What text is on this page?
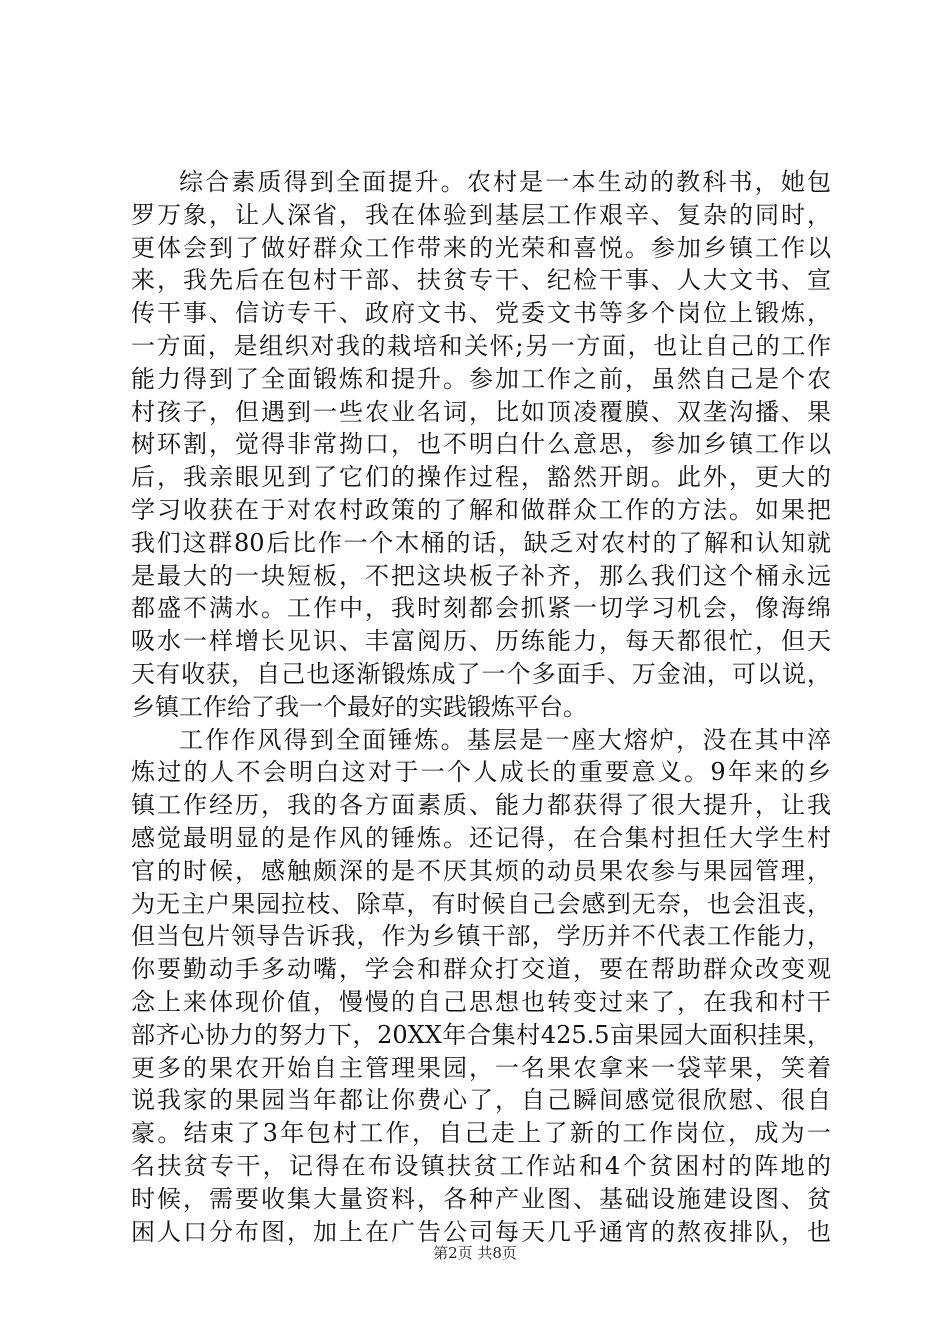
综合素质得到全面提升。农村是一本生动的教科书，她包
罗万象，让人深省，我在体验到基层工作艰辛、复杂的同时，
更体会到了做好群众工作带来的光荣和喜悦。参加乡镇工作以
来，我先后在包村干部、扶贫专干、纪检干事、人大文书、宣
传干事、信访专干、政府文书、党委文书等多个岗位上锻炼，
一方面，是组织对我的栽培和关怀;另一方面，也让自己的工作
能力得到了全面锻炼和提升。参加工作之前，虽然自己是个农
村孩子，但遇到一些农业名词，比如顶凌覆膜、双垄沟播、果
树环割，觉得非常拗口，也不明白什么意思，参加乡镇工作以
后，我亲眼见到了它们的操作过程，豁然开朗。此外，更大的
学习收获在于对农村政策的了解和做群众工作的方法。如果把
我们这群80后比作一个木桶的话，缺乏对农村的了解和认知就
是最大的一块短板，不把这块板子补齐，那么我们这个桶永远
都盛不满水。工作中，我时刻都会抓紧一切学习机会，像海绵
吸水一样增长见识、丰富阅历、历练能力，每天都很忙，但天
天有收获，自己也逐渐锻炼成了一个多面手、万金油，可以说，
乡镇工作给了我一个最好的实践锻炼平台。
工作作风得到全面锤炼。基层是一座大熔炉，没在其中淬
炼过的人不会明白这对于一个人成长的重要意义。9年来的乡
镇工作经历，我的各方面素质、能力都获得了很大提升，让我
感觉最明显的是作风的锤炼。还记得，在合集村担任大学生村
官的时候，感触颇深的是不厌其烦的动员果农参与果园管理，
为无主户果园拉枝、除草，有时候自己会感到无奈，也会沮丧，
但当包片领导告诉我，作为乡镇干部，学历并不代表工作能力，
你要勤动手多动嘴，学会和群众打交道，要在帮助群众改变观
念上来体现价值，慢慢的自己思想也转变过来了，在我和村干
部齐心协力的努力下，20XX年合集村425.5亩果园大面积挂果，
更多的果农开始自主管理果园，一名果农拿来一袋苹果，笑着
说我家的果园当年都让你费心了，自己瞬间感觉很欣慰、很自
豪。结束了3年包村工作，自己走上了新的工作岗位，成为一
名扶贫专干，记得在布设镇扶贫工作站和4个贫困村的阵地的
时候，需要收集大量资料，各种产业图、基础设施建设图、贫
困人口分布图，加上在广告公司每天几乎通宵的熬夜排队，也
第2页 共8页
